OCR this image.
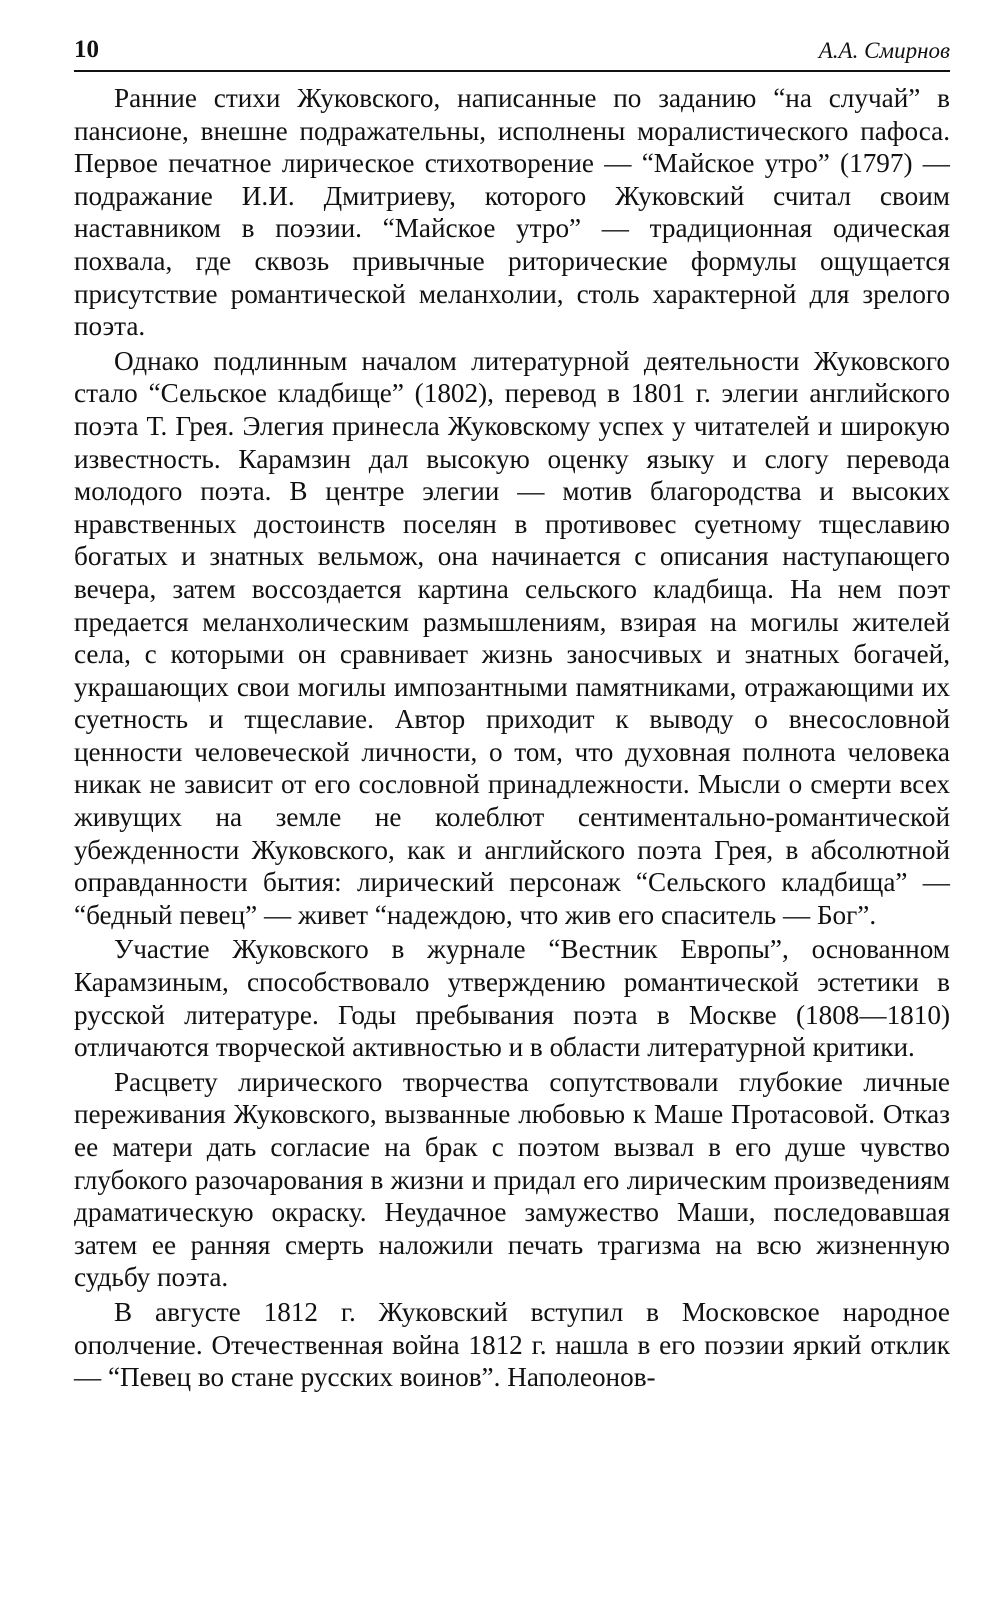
10	А.А. Смирнов

Ранние стихи Жуковского, написанные по заданию “на случай” в пансионе, внешне подражательны, исполнены моралистического пафоса. Первое печатное лирическое стихотворение — “Майское утро” (1797) — подражание И.И. Дмитриеву, которого Жуковский считал своим наставником в поэзии. “Майское утро” — традиционная одическая похвала, где сквозь привычные риторические формулы ощущается присутствие романтической меланхолии, столь характерной для зрелого поэта.

Однако подлинным началом литературной деятельности Жуковского стало “Сельское кладбище” (1802), перевод в 1801 г. элегии английского поэта Т. Грея. Элегия принесла Жуковскому успех у читателей и широкую известность. Карамзин дал высокую оценку языку и слогу перевода молодого поэта. В центре элегии — мотив благородства и высоких нравственных достоинств поселян в противовес суетному тщеславию богатых и знатных вельмож, она начинается с описания наступающего вечера, затем воссоздается картина сельского кладбища. На нем поэт предается меланхолическим размышлениям, взирая на могилы жителей села, с которыми он сравнивает жизнь заносчивых и знатных богачей, украшающих свои могилы импозантными памятниками, отражающими их суетность и тщеславие. Автор приходит к выводу о внесословной ценности человеческой личности, о том, что духовная полнота человека никак не зависит от его сословной принадлежности. Мысли о смерти всех живущих на земле не колеблют сентиментально-романтической убежденности Жуковского, как и английского поэта Грея, в абсолютной оправданности бытия: лирический персонаж “Сельского кладбища” — “бедный певец” — живет “надеждою, что жив его спаситель — Бог”.

Участие Жуковского в журнале “Вестник Европы”, основанном Карамзиным, способствовало утверждению романтической эстетики в русской литературе. Годы пребывания поэта в Москве (1808—1810) отличаются творческой активностью и в области литературной критики.

Расцвету лирического творчества сопутствовали глубокие личные переживания Жуковского, вызванные любовью к Маше Протасовой. Отказ ее матери дать согласие на брак с поэтом вызвал в его душе чувство глубокого разочарования в жизни и придал его лирическим произведениям драматическую окраску. Неудачное замужество Маши, последовавшая затем ее ранняя смерть наложили печать трагизма на всю жизненную судьбу поэта.

В августе 1812 г. Жуковский вступил в Московское народное ополчение. Отечественная война 1812 г. нашла в его поэзии яркий отклик — “Певец во стане русских воинов”. Наполеонов-
